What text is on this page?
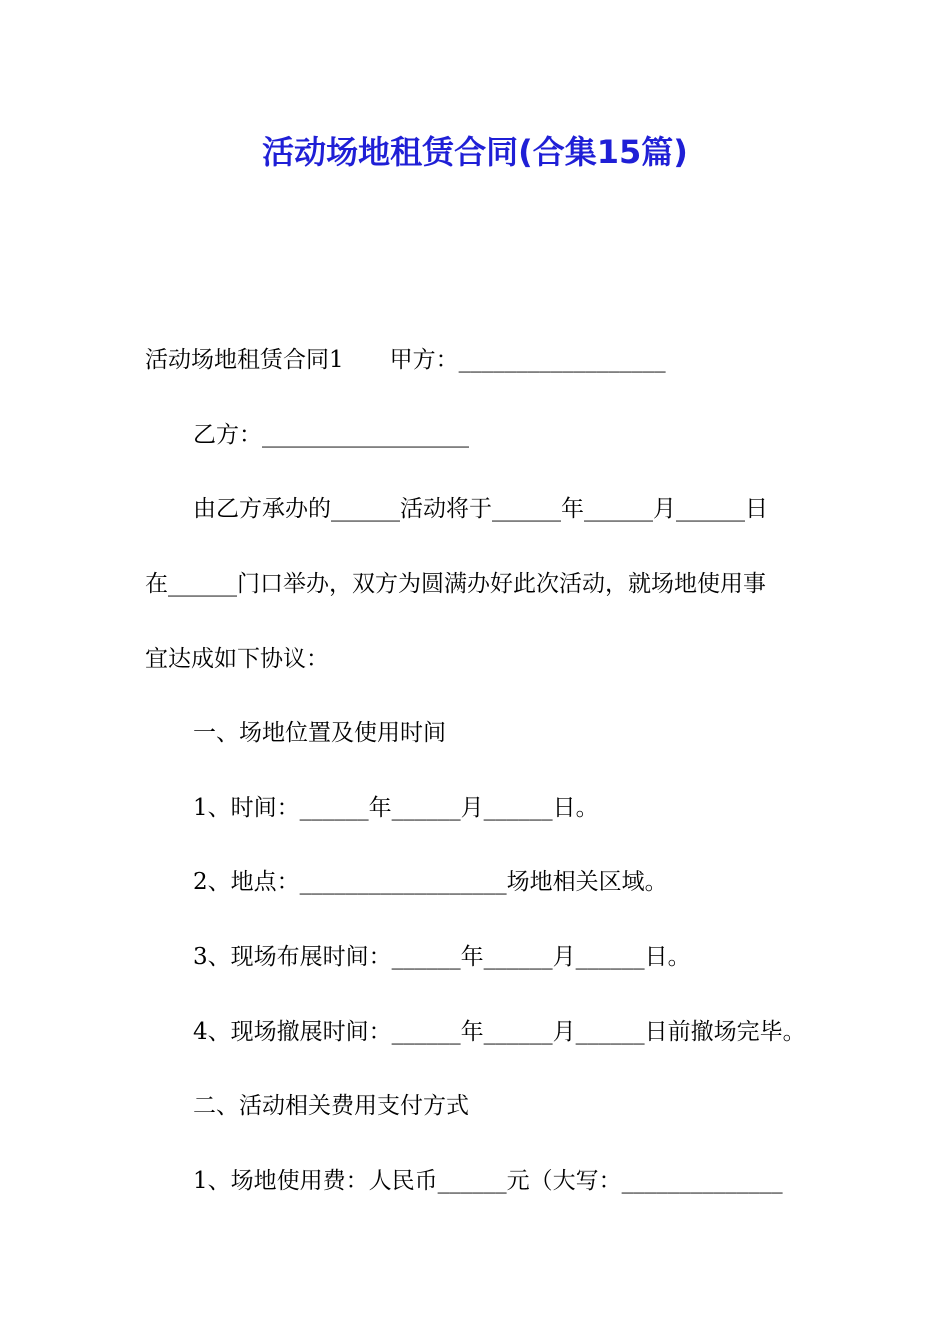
活动场地租赁合同(合集15篇)
活动场地租赁合同1 甲方：__________________
乙方：__________________
由乙方承办的______活动将于______年______月______日
在______门口举办，双方为圆满办好此次活动，就场地使用事
宜达成如下协议：
一、场地位置及使用时间
1、时间：______年______月______日。
2、地点：__________________场地相关区域。
3、现场布展时间：______年______月______日。
4、现场撤展时间：______年______月______日前撤场完毕。
二、活动相关费用支付方式
1、场地使用费：人民币______元（大写：______________
